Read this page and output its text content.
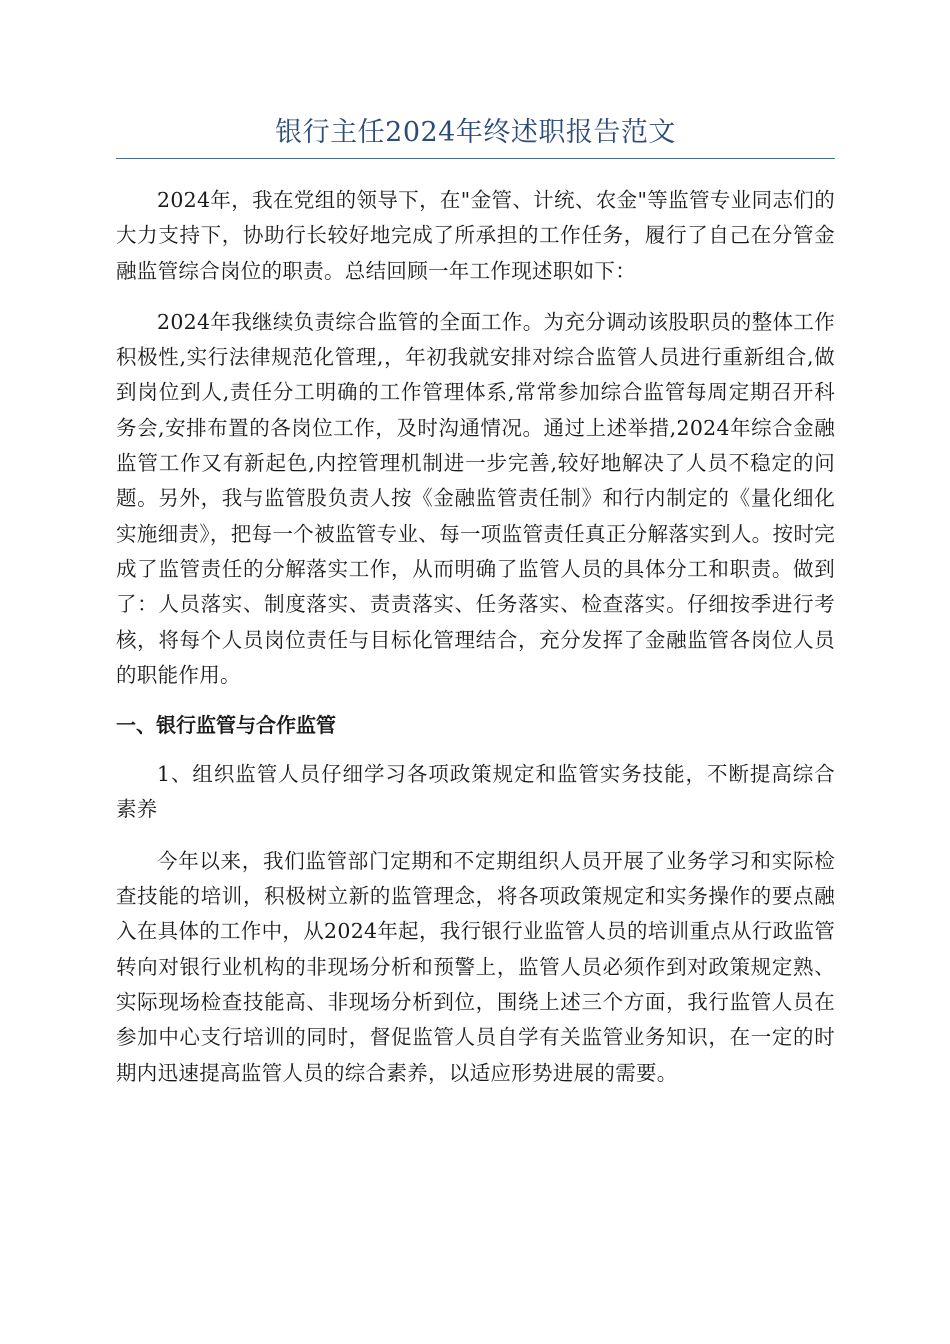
银行主任2024年终述职报告范文

2024年，我在党组的领导下，在"金管、计统、农金"等监管专业同志们的大力支持下，协助行长较好地完成了所承担的工作任务，履行了自己在分管金融监管综合岗位的职责。总结回顾一年工作现述职如下：

2024年我继续负责综合监管的全面工作。为充分调动该股职员的整体工作积极性,实行法律规范化管理,，年初我就安排对综合监管人员进行重新组合,做到岗位到人,责任分工明确的工作管理体系,常常参加综合监管每周定期召开科务会,安排布置的各岗位工作，及时沟通情况。通过上述举措,2024年综合金融监管工作又有新起色,内控管理机制进一步完善,较好地解决了人员不稳定的问题。另外，我与监管股负责人按《金融监管责任制》和行内制定的《量化细化实施细责》，把每一个被监管专业、每一项监管责任真正分解落实到人。按时完成了监管责任的分解落实工作，从而明确了监管人员的具体分工和职责。做到了：人员落实、制度落实、责责落实、任务落实、检查落实。仔细按季进行考核，将每个人员岗位责任与目标化管理结合，充分发挥了金融监管各岗位人员的职能作用。

一、银行监管与合作监管

1、组织监管人员仔细学习各项政策规定和监管实务技能，不断提高综合素养

今年以来，我们监管部门定期和不定期组织人员开展了业务学习和实际检查技能的培训，积极树立新的监管理念，将各项政策规定和实务操作的要点融入在具体的工作中，从2024年起，我行银行业监管人员的培训重点从行政监管转向对银行业机构的非现场分析和预警上，监管人员必须作到对政策规定熟、实际现场检查技能高、非现场分析到位，围绕上述三个方面，我行监管人员在参加中心支行培训的同时，督促监管人员自学有关监管业务知识，在一定的时期内迅速提高监管人员的综合素养，以适应形势进展的需要。
